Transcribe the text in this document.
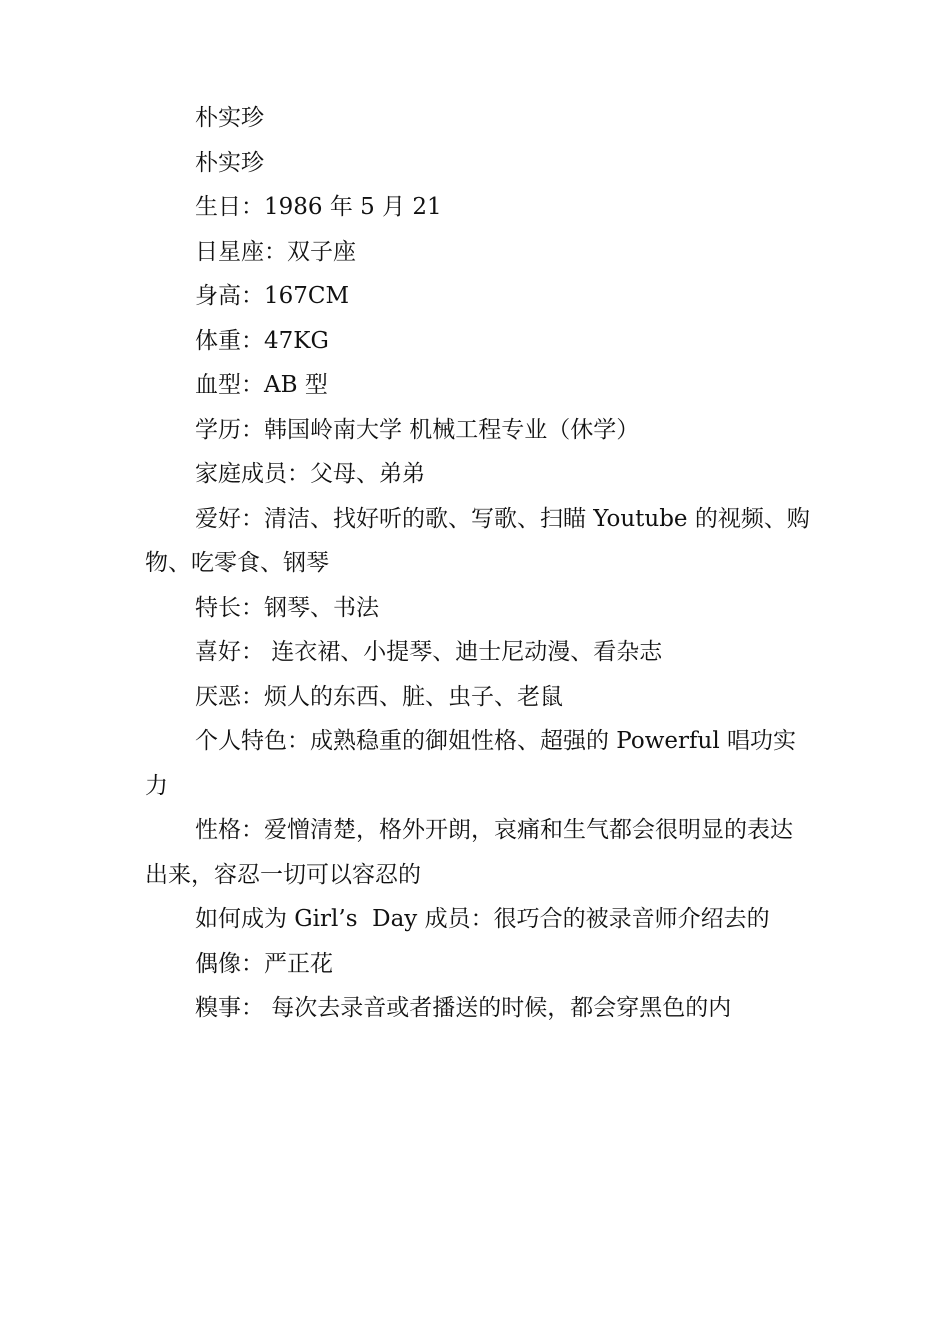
朴实珍

朴实珍

生日：1986 年 5 月 21

日星座：双子座

身高：167CM

体重：47KG

血型：AB 型

学历：韩国岭南大学 机械工程专业（休学）

家庭成员：父母、弟弟

爱好：清洁、找好听的歌、写歌、扫瞄 Youtube 的视频、购物、吃零食、钢琴

特长：钢琴、书法

喜好： 连衣裙、小提琴、迪士尼动漫、看杂志

厌恶：烦人的东西、脏、虫子、老鼠

个人特色：成熟稳重的御姐性格、超强的 Powerful 唱功实力

性格：爱憎清楚，格外开朗，哀痛和生气都会很明显的表达出来，容忍一切可以容忍的

如何成为 Girl’s  Day 成员：很巧合的被录音师介绍去的

偶像：严正花

糗事： 每次去录音或者播送的时候，都会穿黑色的内
